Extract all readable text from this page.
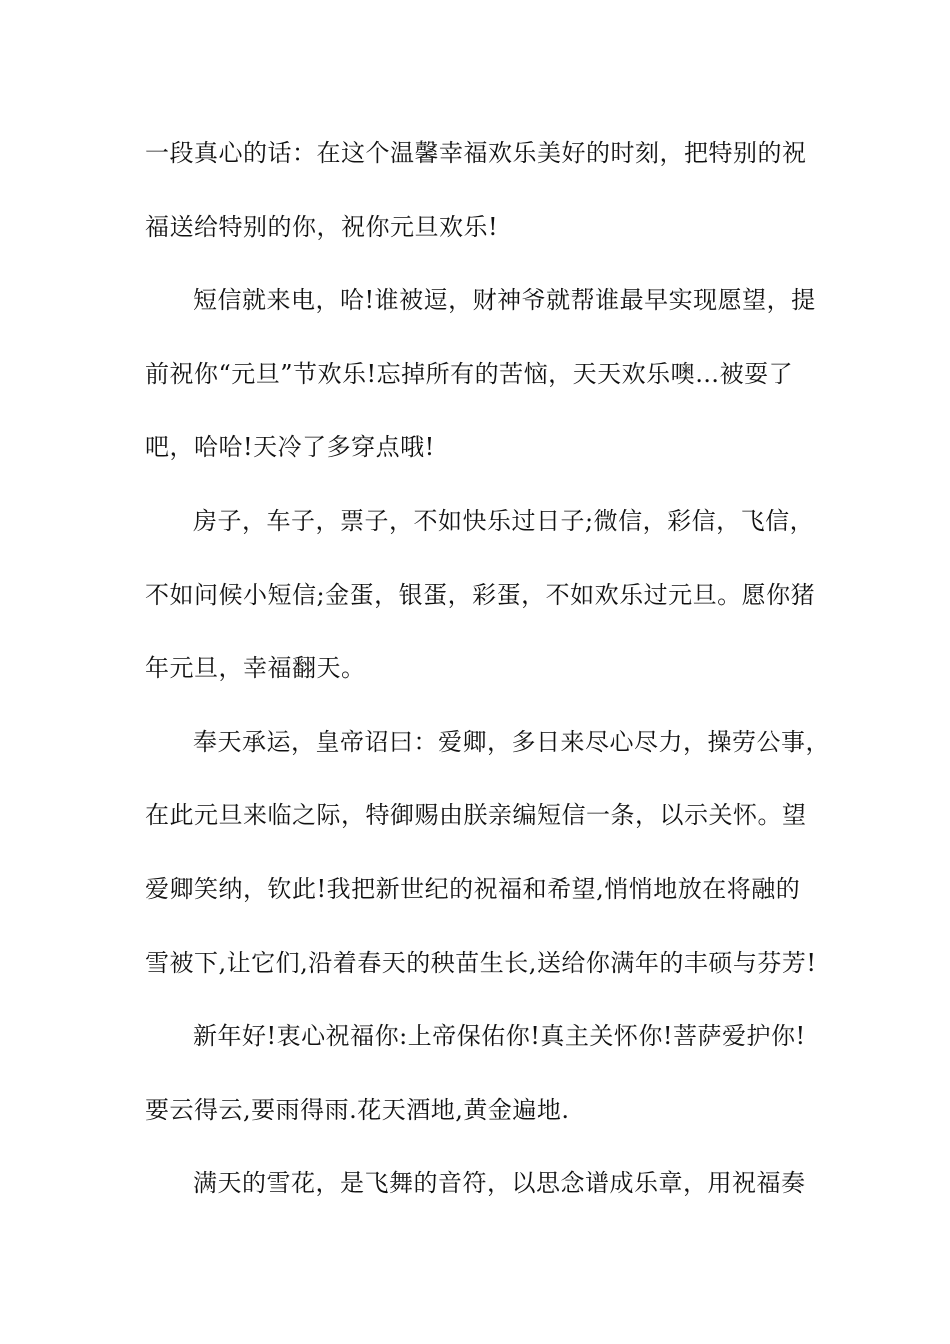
一段真心的话：在这个温馨幸福欢乐美好的时刻，把特别的祝
福送给特别的你，祝你元旦欢乐!
短信就来电，哈!谁被逗，财神爷就帮谁最早实现愿望，提
前祝你“元旦”节欢乐!忘掉所有的苦恼，天天欢乐噢…被耍了
吧，哈哈!天冷了多穿点哦!
房子，车子，票子，不如快乐过日子;微信，彩信，飞信，
不如问候小短信;金蛋，银蛋，彩蛋，不如欢乐过元旦。愿你猪
年元旦，幸福翻天。
奉天承运，皇帝诏曰：爱卿，多日来尽心尽力，操劳公事，
在此元旦来临之际，特御赐由朕亲编短信一条，以示关怀。望
爱卿笑纳，钦此!我把新世纪的祝福和希望,悄悄地放在将融的
雪被下,让它们,沿着春天的秧苗生长,送给你满年的丰硕与芬芳!
新年好!衷心祝福你:上帝保佑你!真主关怀你!菩萨爱护你!
要云得云,要雨得雨.花天酒地,黄金遍地.
满天的雪花，是飞舞的音符，以思念谱成乐章，用祝福奏
